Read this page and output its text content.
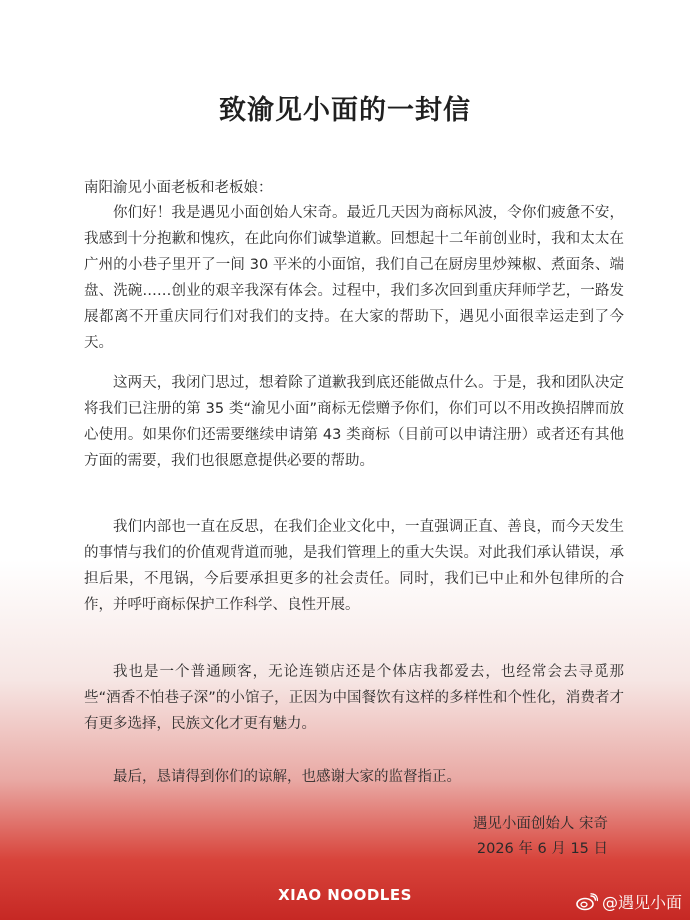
致渝见小面的一封信
南阳渝见小面老板和老板娘：

你们好！我是遇见小面创始人宋奇。最近几天因为商标风波，令你们疲惫不安，我感到十分抱歉和愧疚，在此向你们诚挚道歉。回想起十二年前创业时，我和太太在广州的小巷子里开了一间 30 平米的小面馆，我们自己在厨房里炒辣椒、煮面条、端盘、洗碗……创业的艰辛我深有体会。过程中，我们多次回到重庆拜师学艺，一路发展都离不开重庆同行们对我们的支持。在大家的帮助下，遇见小面很幸运走到了今天。

这两天，我闭门思过，想着除了道歉我到底还能做点什么。于是，我和团队决定将我们已注册的第 35 类“渝见小面”商标无偿赠予你们，你们可以不用改换招牌而放心使用。如果你们还需要继续申请第 43 类商标（目前可以申请注册）或者还有其他方面的需要，我们也很愿意提供必要的帮助。

我们内部也一直在反思，在我们企业文化中，一直强调正直、善良，而今天发生的事情与我们的价值观背道而驰，是我们管理上的重大失误。对此我们承认错误，承担后果，不甩锅，今后要承担更多的社会责任。同时，我们已中止和外包律所的合作，并呼吁商标保护工作科学、良性开展。

我也是一个普通顾客，无论连锁店还是个体店我都爱去，也经常会去寻觅那些“酒香不怕巷子深”的小馆子，正因为中国餐饮有这样的多样性和个性化，消费者才有更多选择，民族文化才更有魅力。

最后，恳请得到你们的谅解，也感谢大家的监督指正。

遇见小面创始人 宋奇
2026 年 6 月 15 日
XIAO NOODLES	@遇见小面
